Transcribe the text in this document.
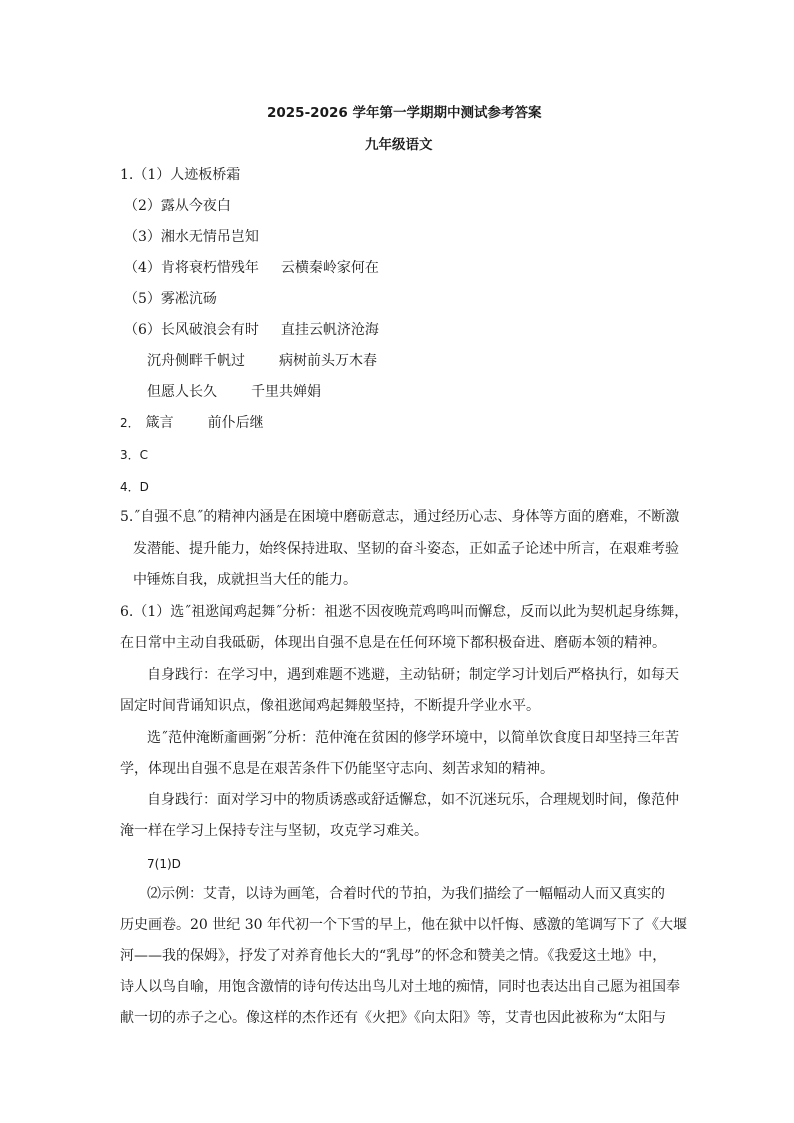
2025-2026 学年第一学期期中测试参考答案
九年级语文
1.（1）人迹板桥霜
（2）露从今夜白
（3）湘水无情吊岂知
（4）肯将衰朽惜残年 云横秦岭家何在
（5）雾凇沆砀
（6）长风破浪会有时 直挂云帆济沧海
沉舟侧畔千帆过 病树前头万木春
但愿人长久 千里共婵娟
2． 箴言 前仆后继
3．C
4．D
5.˝自强不息˝的精神内涵是在困境中磨砺意志，通过经历心志、身体等方面的磨难，不断激
发潜能、提升能力，始终保持进取、坚韧的奋斗姿态，正如孟子论述中所言，在艰难考验
中锤炼自我，成就担当大任的能力。
6.（1）选˝祖逖闻鸡起舞˝分析：祖逖不因夜晚荒鸡鸣叫而懈怠，反而以此为契机起身练舞，
在日常中主动自我砥砺，体现出自强不息是在任何环境下都积极奋进、磨砺本领的精神。
自身践行：在学习中，遇到难题不逃避，主动钻研；制定学习计划后严格执行，如每天
固定时间背诵知识点，像祖逖闻鸡起舞般坚持，不断提升学业水平。
选˝范仲淹断齑画粥˝分析：范仲淹在贫困的修学环境中，以简单饮食度日却坚持三年苦
学，体现出自强不息是在艰苦条件下仍能坚守志向、刻苦求知的精神。
自身践行：面对学习中的物质诱惑或舒适懈怠，如不沉迷玩乐，合理规划时间，像范仲
淹一样在学习上保持专注与坚韧，攻克学习难关。
7(1)D
⑵示例：艾青，以诗为画笔，合着时代的节拍，为我们描绘了一幅幅动人而又真实的
历史画卷。20 世纪 30 年代初一个下雪的早上，他在狱中以忏悔、感激的笔调写下了《大堰
河——我的保姆》，抒发了对养育他长大的“乳母”的怀念和赞美之情。《我爱这土地》中，
诗人以鸟自喻，用饱含激情的诗句传达出鸟儿对土地的痴情，同时也表达出自己愿为祖国奉
献一切的赤子之心。像这样的杰作还有《火把》《向太阳》等，艾青也因此被称为“太阳与
